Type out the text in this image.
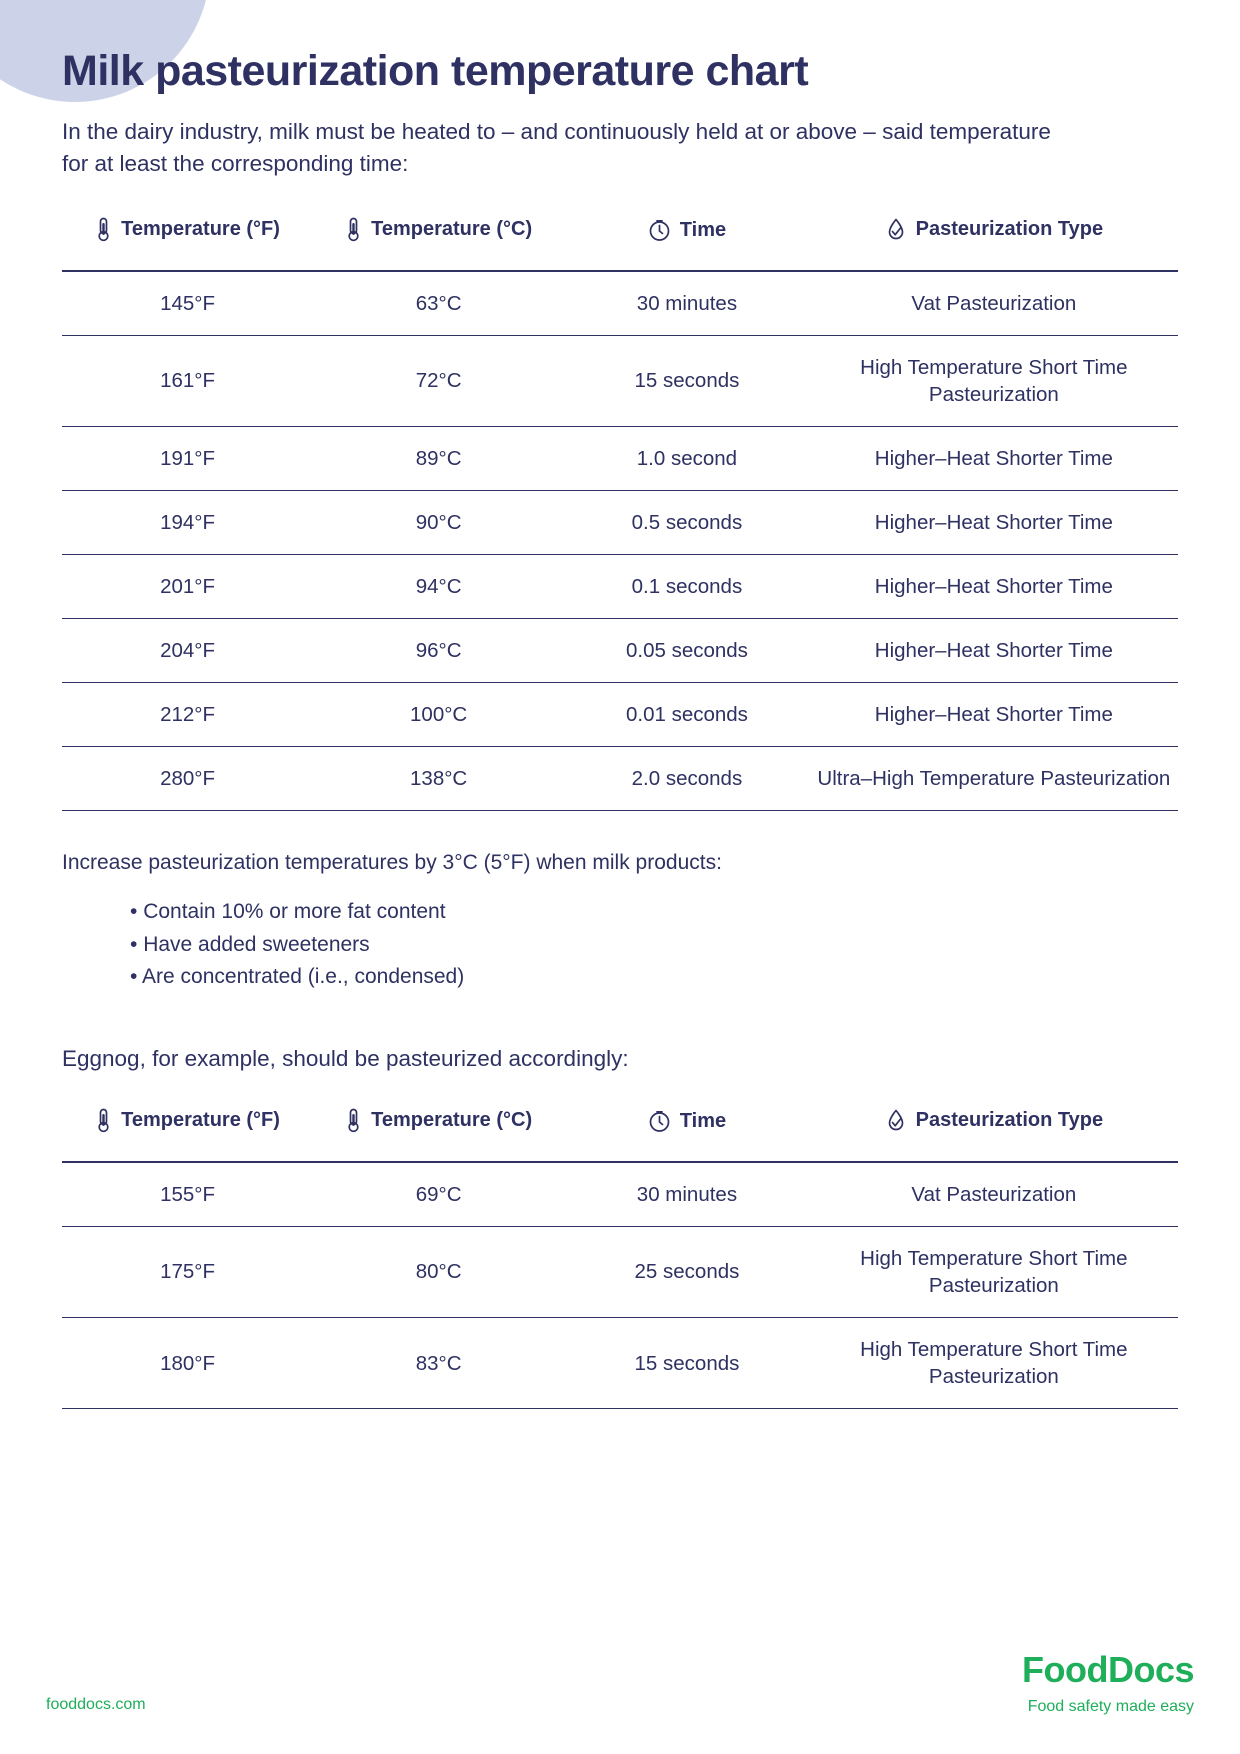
Milk pasteurization temperature chart

In the dairy industry, milk must be heated to – and continuously held at or above – said temperature for at least the corresponding time:

Temperature (°F)	Temperature (°C)	Time	Pasteurization Type

145°F	63°C	30 minutes	Vat Pasteurization
161°F	72°C	15 seconds	High Temperature Short Time Pasteurization
191°F	89°C	1.0 second	Higher–Heat Shorter Time
194°F	90°C	0.5 seconds	Higher–Heat Shorter Time
201°F	94°C	0.1 seconds	Higher–Heat Shorter Time
204°F	96°C	0.05 seconds	Higher–Heat Shorter Time
212°F	100°C	0.01 seconds	Higher–Heat Shorter Time
280°F	138°C	2.0 seconds	Ultra–High Temperature Pasteurization

Increase pasteurization temperatures by 3°C (5°F) when milk products:

• Contain 10% or more fat content
• Have added sweeteners
• Are concentrated (i.e., condensed)

Eggnog, for example, should be pasteurized accordingly:

Temperature (°F)	Temperature (°C)	Time	Pasteurization Type

155°F	69°C	30 minutes	Vat Pasteurization
175°F	80°C	25 seconds	High Temperature Short Time Pasteurization
180°F	83°C	15 seconds	High Temperature Short Time Pasteurization
fooddocs.com
FoodDocs
Food safety made easy
